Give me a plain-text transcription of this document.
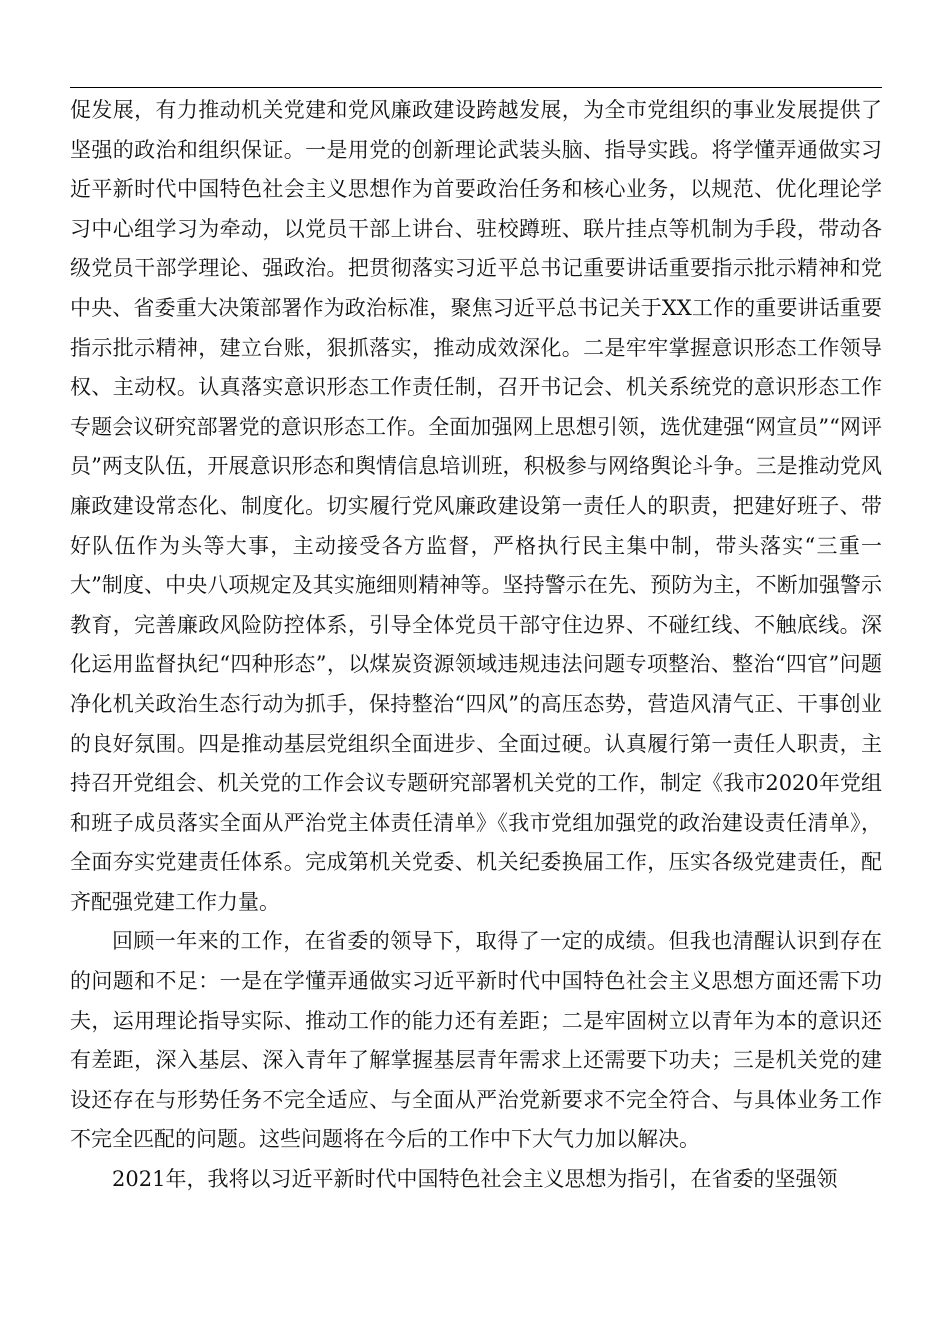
促发展，有力推动机关党建和党风廉政建设跨越发展，为全市党组织的事业发展提供了坚强的政治和组织保证。一是用党的创新理论武装头脑、指导实践。将学懂弄通做实习近平新时代中国特色社会主义思想作为首要政治任务和核心业务，以规范、优化理论学习中心组学习为牵动，以党员干部上讲台、驻校蹲班、联片挂点等机制为手段，带动各级党员干部学理论、强政治。把贯彻落实习近平总书记重要讲话重要指示批示精神和党中央、省委重大决策部署作为政治标准，聚焦习近平总书记关于XX工作的重要讲话重要指示批示精神，建立台账，狠抓落实，推动成效深化。二是牢牢掌握意识形态工作领导权、主动权。认真落实意识形态工作责任制，召开书记会、机关系统党的意识形态工作专题会议研究部署党的意识形态工作。全面加强网上思想引领，选优建强“网宣员”“网评员”两支队伍，开展意识形态和舆情信息培训班，积极参与网络舆论斗争。三是推动党风廉政建设常态化、制度化。切实履行党风廉政建设第一责任人的职责，把建好班子、带好队伍作为头等大事，主动接受各方监督，严格执行民主集中制，带头落实“三重一大”制度、中央八项规定及其实施细则精神等。坚持警示在先、预防为主，不断加强警示教育，完善廉政风险防控体系，引导全体党员干部守住边界、不碰红线、不触底线。深化运用监督执纪“四种形态”，以煤炭资源领域违规违法问题专项整治、整治“四官”问题净化机关政治生态行动为抓手，保持整治“四风”的高压态势，营造风清气正、干事创业的良好氛围。四是推动基层党组织全面进步、全面过硬。认真履行第一责任人职责，主持召开党组会、机关党的工作会议专题研究部署机关党的工作，制定《我市2020年党组和班子成员落实全面从严治党主体责任清单》《我市党组加强党的政治建设责任清单》，全面夯实党建责任体系。完成第机关党委、机关纪委换届工作，压实各级党建责任，配齐配强党建工作力量。

回顾一年来的工作，在省委的领导下，取得了一定的成绩。但我也清醒认识到存在的问题和不足：一是在学懂弄通做实习近平新时代中国特色社会主义思想方面还需下功夫，运用理论指导实际、推动工作的能力还有差距；二是牢固树立以青年为本的意识还有差距，深入基层、深入青年了解掌握基层青年需求上还需要下功夫；三是机关党的建设还存在与形势任务不完全适应、与全面从严治党新要求不完全符合、与具体业务工作不完全匹配的问题。这些问题将在今后的工作中下大气力加以解决。

2021年，我将以习近平新时代中国特色社会主义思想为指引，在省委的坚强领
